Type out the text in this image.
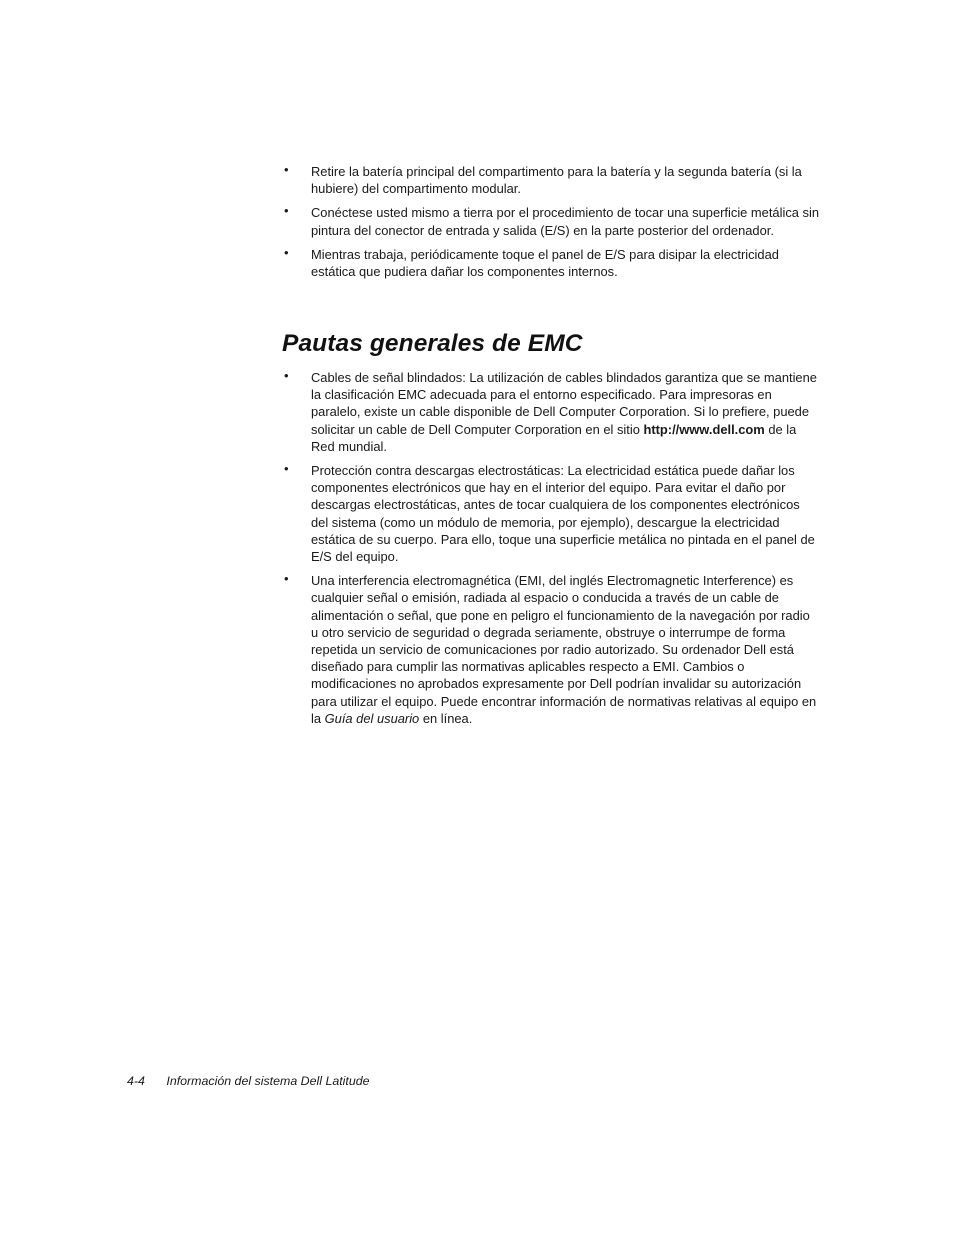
• Retire la batería principal del compartimento para la batería y la segunda batería (si la hubiere) del compartimento modular.
• Conéctese usted mismo a tierra por el procedimiento de tocar una superficie metálica sin pintura del conector de entrada y salida (E/S) en la parte posterior del ordenador.
• Mientras trabaja, periódicamente toque el panel de E/S para disipar la electricidad estática que pudiera dañar los componentes internos.
Pautas generales de EMC
• Cables de señal blindados: La utilización de cables blindados garantiza que se mantiene la clasificación EMC adecuada para el entorno especificado. Para impresoras en paralelo, existe un cable disponible de Dell Computer Corporation. Si lo prefiere, puede solicitar un cable de Dell Computer Corporation en el sitio http://www.dell.com de la Red mundial.
• Protección contra descargas electrostáticas: La electricidad estática puede dañar los componentes electrónicos que hay en el interior del equipo. Para evitar el daño por descargas electrostáticas, antes de tocar cualquiera de los componentes electrónicos del sistema (como un módulo de memoria, por ejemplo), descargue la electricidad estática de su cuerpo. Para ello, toque una superficie metálica no pintada en el panel de E/S del equipo.
• Una interferencia electromagnética (EMI, del inglés Electromagnetic Interference) es cualquier señal o emisión, radiada al espacio o conducida a través de un cable de alimentación o señal, que pone en peligro el funcionamiento de la navegación por radio u otro servicio de seguridad o degrada seriamente, obstruye o interrumpe de forma repetida un servicio de comunicaciones por radio autorizado. Su ordenador Dell está diseñado para cumplir las normativas aplicables respecto a EMI. Cambios o modificaciones no aprobados expresamente por Dell podrían invalidar su autorización para utilizar el equipo. Puede encontrar información de normativas relativas al equipo en la Guía del usuario en línea.
4-4 Información del sistema Dell Latitude
